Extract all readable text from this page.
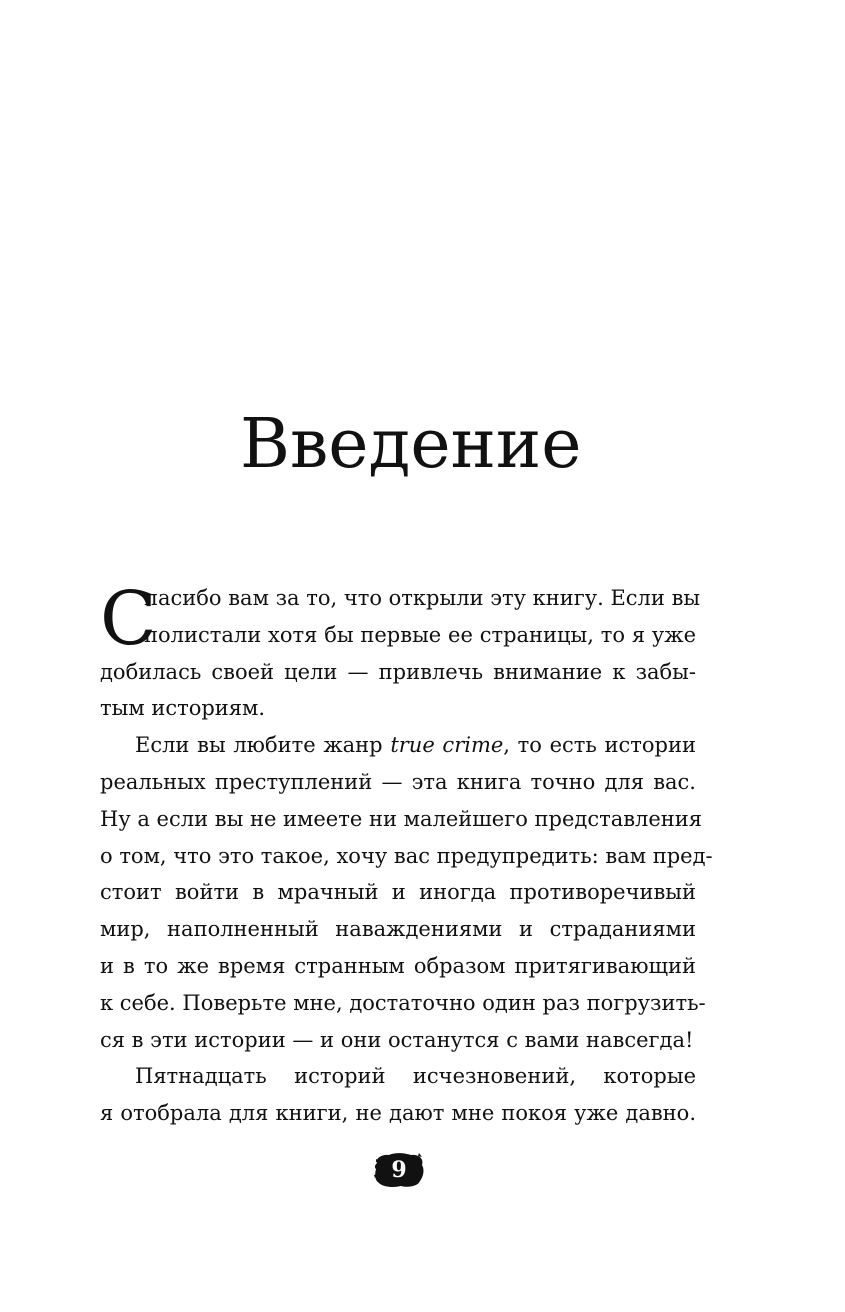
Введение
С
пасибо вам за то, что открыли эту книгу. Если вы
полистали хотя бы первые ее страницы, то я уже
добилась своей цели — привлечь внимание к забы-
тым историям.
Если вы любите жанр true crime, то есть истории
реальных преступлений — эта книга точно для вас.
Ну а если вы не имеете ни малейшего представления
о том, что это такое, хочу вас предупредить: вам пред-
стоит войти в мрачный и иногда противоречивый
мир, наполненный наваждениями и страданиями
и в то же время странным образом притягивающий
к себе. Поверьте мне, достаточно один раз погрузить-
ся в эти истории — и они останутся с вами навсегда!
Пятнадцать историй исчезновений, которые
я отобрала для книги, не дают мне покоя уже давно.
9
